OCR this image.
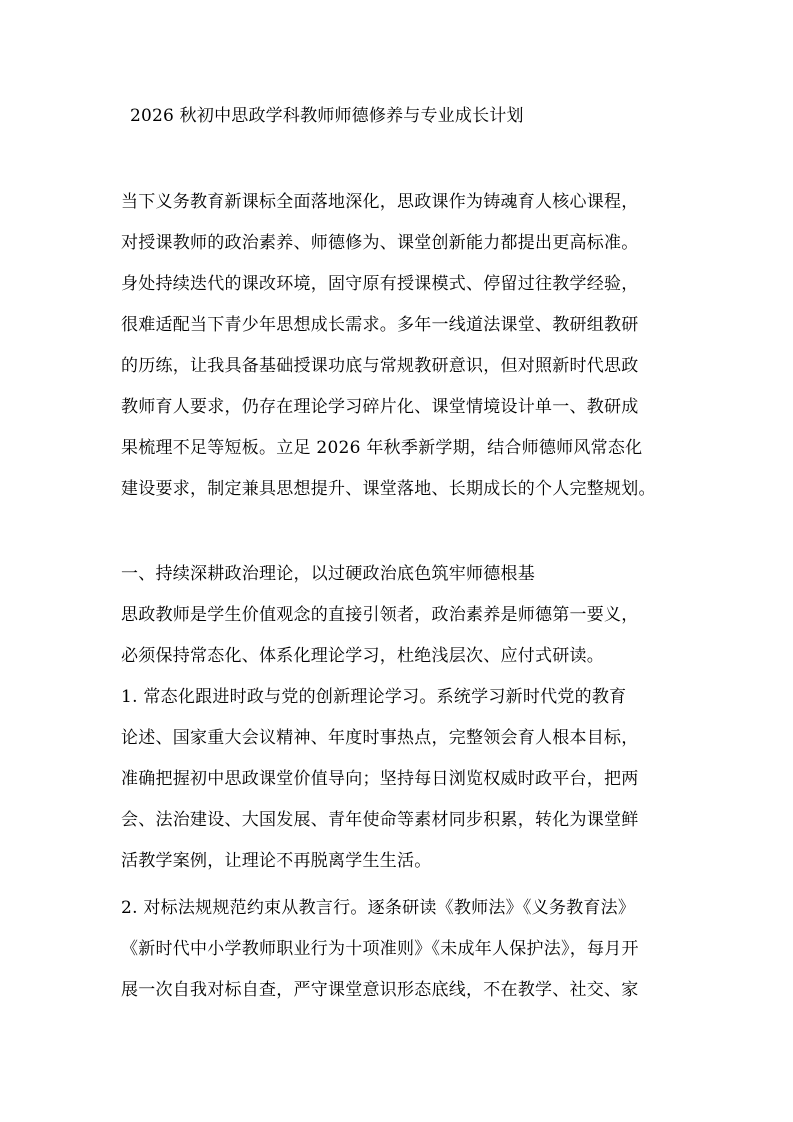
2026 秋初中思政学科教师师德修养与专业成长计划
当下义务教育新课标全面落地深化，思政课作为铸魂育人核心课程，
对授课教师的政治素养、师德修为、课堂创新能力都提出更高标准。
身处持续迭代的课改环境，固守原有授课模式、停留过往教学经验，
很难适配当下青少年思想成长需求。多年一线道法课堂、教研组教研
的历练，让我具备基础授课功底与常规教研意识，但对照新时代思政
教师育人要求，仍存在理论学习碎片化、课堂情境设计单一、教研成
果梳理不足等短板。立足 2026 年秋季新学期，结合师德师风常态化
建设要求，制定兼具思想提升、课堂落地、长期成长的个人完整规划。
一、持续深耕政治理论，以过硬政治底色筑牢师德根基
思政教师是学生价值观念的直接引领者，政治素养是师德第一要义，
必须保持常态化、体系化理论学习，杜绝浅层次、应付式研读。
1. 常态化跟进时政与党的创新理论学习。系统学习新时代党的教育
论述、国家重大会议精神、年度时事热点，完整领会育人根本目标，
准确把握初中思政课堂价值导向；坚持每日浏览权威时政平台，把两
会、法治建设、大国发展、青年使命等素材同步积累，转化为课堂鲜
活教学案例，让理论不再脱离学生生活。
2. 对标法规规范约束从教言行。逐条研读《教师法》《义务教育法》
《新时代中小学教师职业行为十项准则》《未成年人保护法》，每月开
展一次自我对标自查，严守课堂意识形态底线，不在教学、社交、家
